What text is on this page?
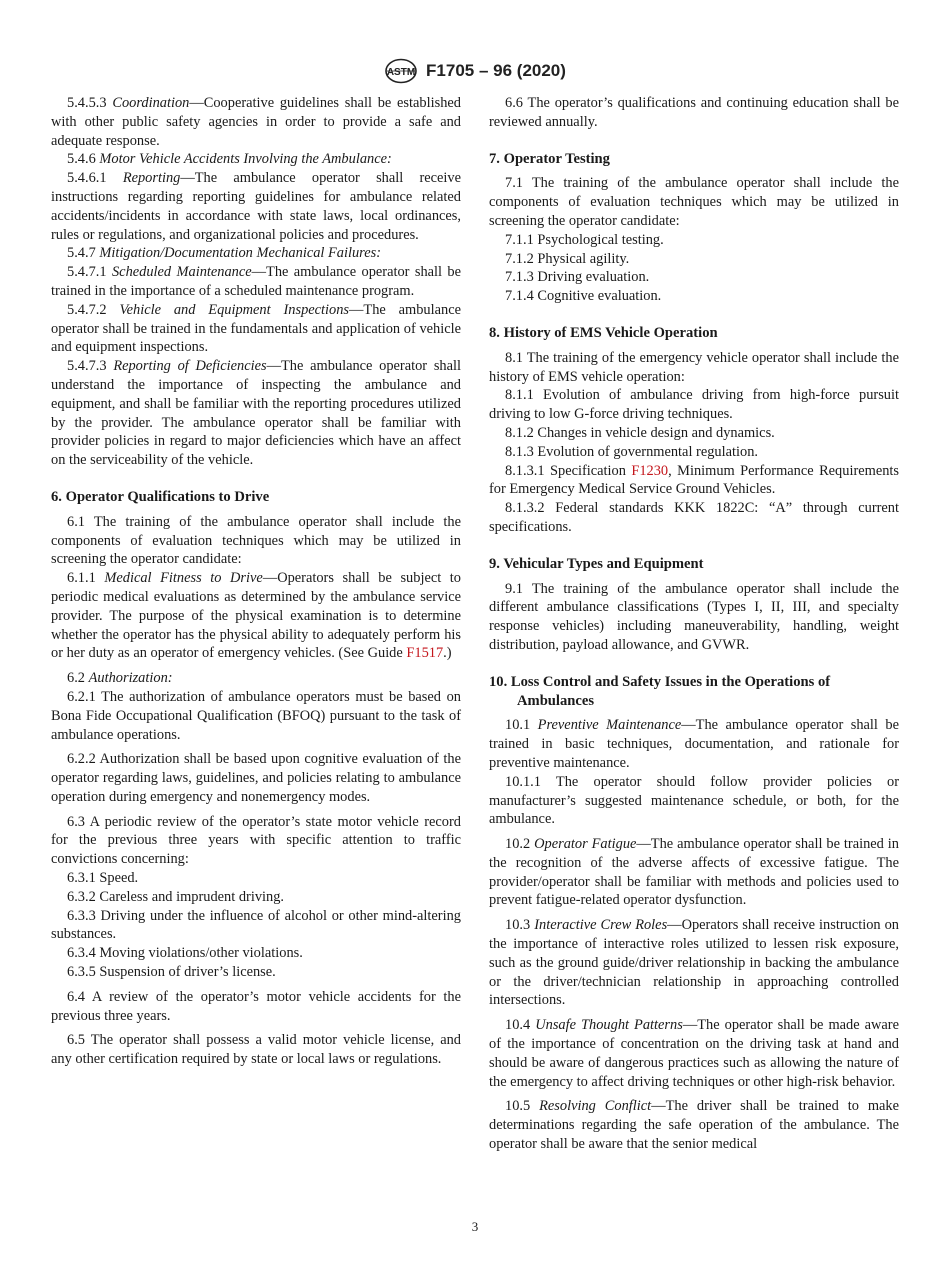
ASTM F1705 – 96 (2020)

5.4.5.3 Coordination—Cooperative guidelines shall be established with other public safety agencies in order to provide a safe and adequate response.

5.4.6 Motor Vehicle Accidents Involving the Ambulance:

5.4.6.1 Reporting—The ambulance operator shall receive instructions regarding reporting guidelines for ambulance related accidents/incidents in accordance with state laws, local ordinances, rules or regulations, and organizational policies and procedures.

5.4.7 Mitigation/Documentation Mechanical Failures:

5.4.7.1 Scheduled Maintenance—The ambulance operator shall be trained in the importance of a scheduled maintenance program.

5.4.7.2 Vehicle and Equipment Inspections—The ambulance operator shall be trained in the fundamentals and application of vehicle and equipment inspections.

5.4.7.3 Reporting of Deficiencies—The ambulance operator shall understand the importance of inspecting the ambulance and equipment, and shall be familiar with the reporting procedures utilized by the provider. The ambulance operator shall be familiar with provider policies in regard to major deficiencies which have an affect on the serviceability of the vehicle.

6. Operator Qualifications to Drive

6.1 The training of the ambulance operator shall include the components of evaluation techniques which may be utilized in screening the operator candidate:

6.1.1 Medical Fitness to Drive—Operators shall be subject to periodic medical evaluations as determined by the ambulance service provider. The purpose of the physical examination is to determine whether the operator has the physical ability to adequately perform his or her duty as an operator of emergency vehicles. (See Guide F1517.)

6.2 Authorization:

6.2.1 The authorization of ambulance operators must be based on Bona Fide Occupational Qualification (BFOQ) pursuant to the task of ambulance operations.

6.2.2 Authorization shall be based upon cognitive evaluation of the operator regarding laws, guidelines, and policies relating to ambulance operation during emergency and nonemergency modes.

6.3 A periodic review of the operator’s state motor vehicle record for the previous three years with specific attention to traffic convictions concerning:

6.3.1 Speed.

6.3.2 Careless and imprudent driving.

6.3.3 Driving under the influence of alcohol or other mind-altering substances.

6.3.4 Moving violations/other violations.

6.3.5 Suspension of driver’s license.

6.4 A review of the operator’s motor vehicle accidents for the previous three years.

6.5 The operator shall possess a valid motor vehicle license, and any other certification required by state or local laws or regulations.

6.6 The operator’s qualifications and continuing education shall be reviewed annually.

7. Operator Testing

7.1 The training of the ambulance operator shall include the components of evaluation techniques which may be utilized in screening the operator candidate:

7.1.1 Psychological testing.

7.1.2 Physical agility.

7.1.3 Driving evaluation.

7.1.4 Cognitive evaluation.

8. History of EMS Vehicle Operation

8.1 The training of the emergency vehicle operator shall include the history of EMS vehicle operation:

8.1.1 Evolution of ambulance driving from high-force pursuit driving to low G-force driving techniques.

8.1.2 Changes in vehicle design and dynamics.

8.1.3 Evolution of governmental regulation.

8.1.3.1 Specification F1230, Minimum Performance Requirements for Emergency Medical Service Ground Vehicles.

8.1.3.2 Federal standards KKK 1822C: “A” through current specifications.

9. Vehicular Types and Equipment

9.1 The training of the ambulance operator shall include the different ambulance classifications (Types I, II, III, and specialty response vehicles) including maneuverability, handling, weight distribution, payload allowance, and GVWR.

10. Loss Control and Safety Issues in the Operations of Ambulances

10.1 Preventive Maintenance—The ambulance operator shall be trained in basic techniques, documentation, and rationale for preventive maintenance.

10.1.1 The operator should follow provider policies or manufacturer’s suggested maintenance schedule, or both, for the ambulance.

10.2 Operator Fatigue—The ambulance operator shall be trained in the recognition of the adverse affects of excessive fatigue. The provider/operator shall be familiar with methods and policies used to prevent fatigue-related operator dysfunction.

10.3 Interactive Crew Roles—Operators shall receive instruction on the importance of interactive roles utilized to lessen risk exposure, such as the ground guide/driver relationship in backing the ambulance or the driver/technician relationship in approaching controlled intersections.

10.4 Unsafe Thought Patterns—The operator shall be made aware of the importance of concentration on the driving task at hand and should be aware of dangerous practices such as allowing the nature of the emergency to affect driving techniques or other high-risk behavior.

10.5 Resolving Conflict—The driver shall be trained to make determinations regarding the safe operation of the ambulance. The operator shall be aware that the senior medical

3
